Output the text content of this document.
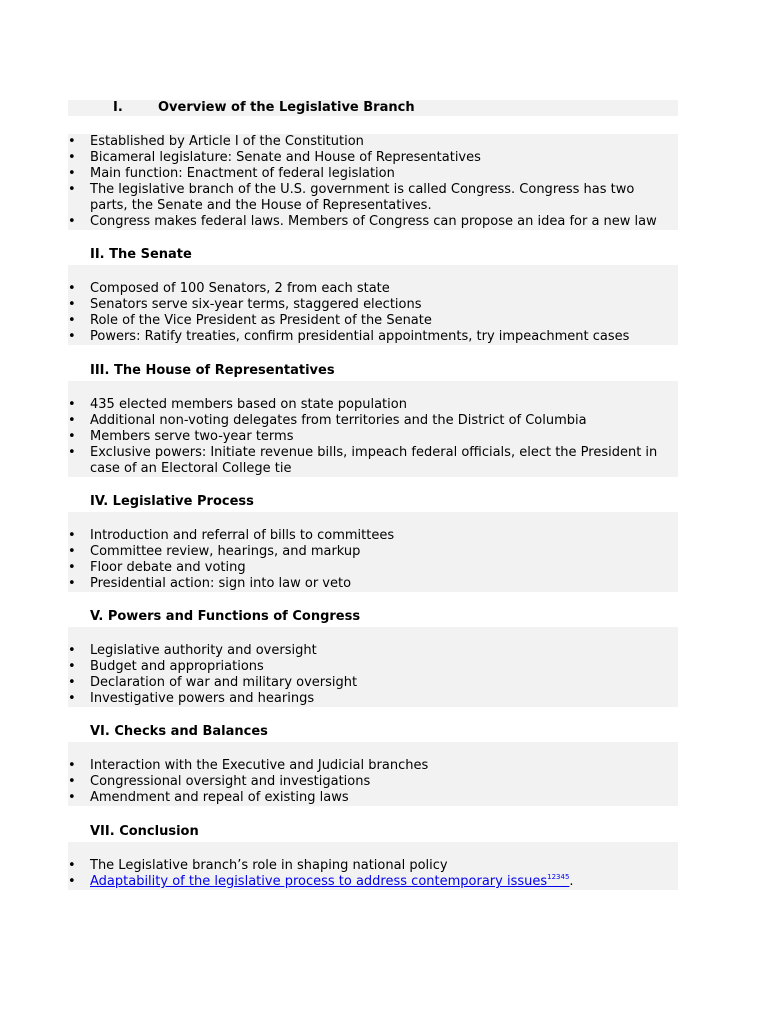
I.	Overview of the Legislative Branch
• Established by Article I of the Constitution
• Bicameral legislature: Senate and House of Representatives
• Main function: Enactment of federal legislation
• The legislative branch of the U.S. government is called Congress. Congress has two parts, the Senate and the House of Representatives.
• Congress makes federal laws. Members of Congress can propose an idea for a new law
II. The Senate
• Composed of 100 Senators, 2 from each state
• Senators serve six-year terms, staggered elections
• Role of the Vice President as President of the Senate
• Powers: Ratify treaties, confirm presidential appointments, try impeachment cases
III. The House of Representatives
• 435 elected members based on state population
• Additional non-voting delegates from territories and the District of Columbia
• Members serve two-year terms
• Exclusive powers: Initiate revenue bills, impeach federal officials, elect the President in case of an Electoral College tie
IV. Legislative Process
• Introduction and referral of bills to committees
• Committee review, hearings, and markup
• Floor debate and voting
• Presidential action: sign into law or veto
V. Powers and Functions of Congress
• Legislative authority and oversight
• Budget and appropriations
• Declaration of war and military oversight
• Investigative powers and hearings
VI. Checks and Balances
• Interaction with the Executive and Judicial branches
• Congressional oversight and investigations
• Amendment and repeal of existing laws
VII. Conclusion
• The Legislative branch’s role in shaping national policy
• Adaptability of the legislative process to address contemporary issues$^{12345}$.
